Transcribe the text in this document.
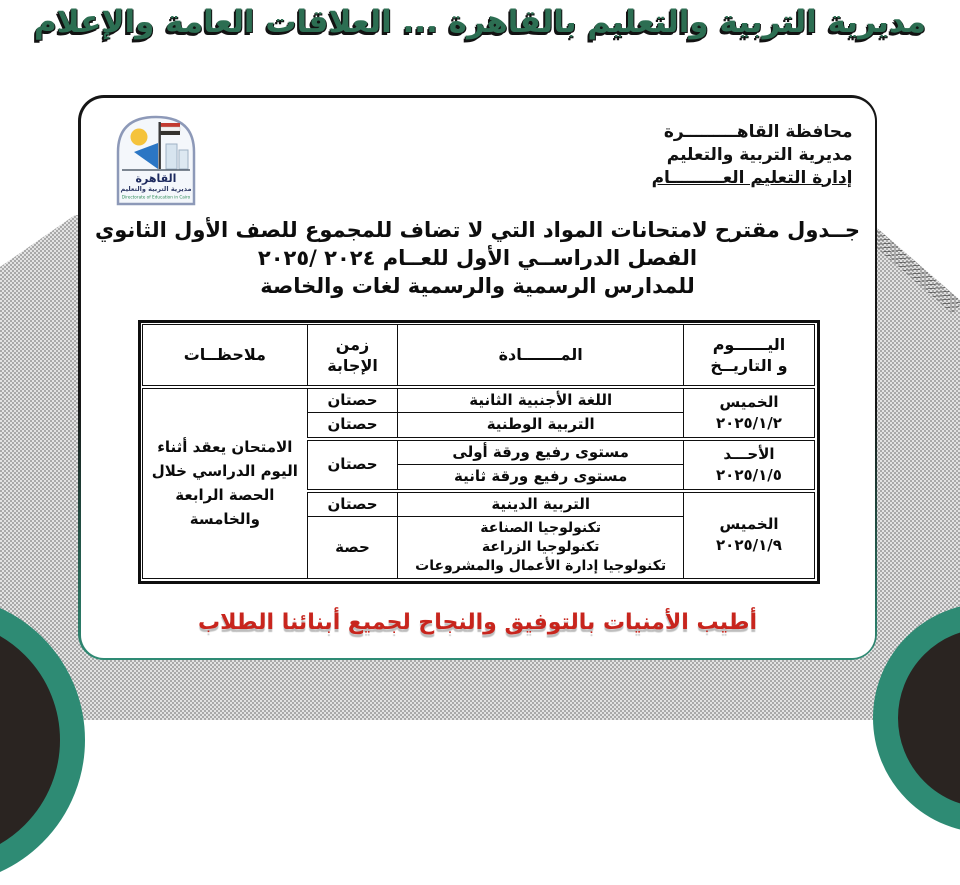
مديرية التربية والتعليم بالقاهرة ... العلاقات العامة والإعلام
القاهرة
مديرية التربية والتعليم
Directorate of Education in Cairo
محافظة القاهـــــــــرة
مديرية التربية والتعليم
إدارة التعليم العـــــــــام
جــدول مقترح لامتحانات المواد التي لا تضاف للمجموع للصف الأول الثانوي
الفصل الدراســي الأول للعــام ٢٠٢٤ /٢٠٢٥
للمدارس الرسمية والرسمية لغات والخاصة
اليــــــوم
و التاريــخ	المـــــــادة	زمن الإجابة	ملاحظــات

الخميس
٢٠٢٥/١/٢
	اللغة الأجنبية الثانية	حصتان	
الامتحان يعقد أثناء
اليوم الدراسي خلال
الحصة الرابعة
والخامسة

	التربية الوطنية	حصتان	

الأحـــد
٢٠٢٥/١/٥	مستوى رفيع ورقة أولى	حصتان	
	مستوى رفيع ورقة ثانية		

الخميس
٢٠٢٥/١/٩	التربية الدينية	حصتان	

	تكنولوجيا الصناعة
تكنولوجيا الزراعة
تكنولوجيا إدارة الأعمال والمشروعات	حصة	
أطيب الأمنيات بالتوفيق والنجاح لجميع أبنائنا الطلاب
